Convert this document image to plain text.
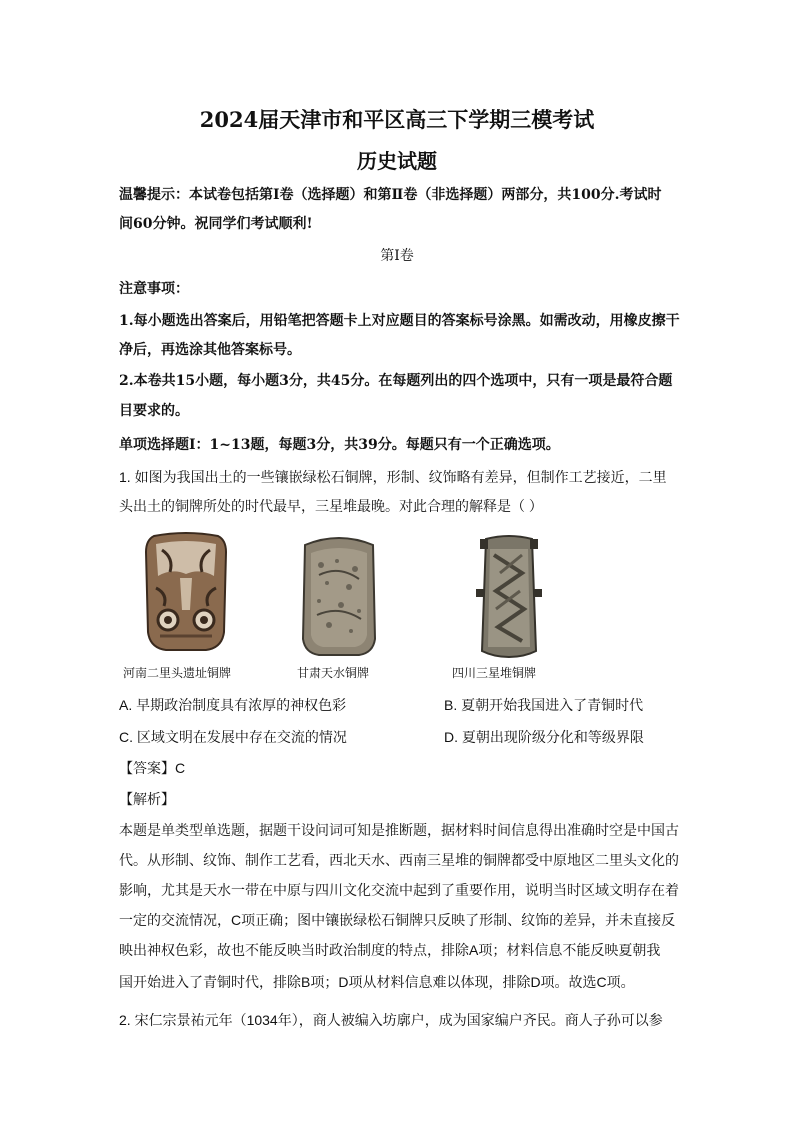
2024届天津市和平区高三下学期三模考试
历史试题
温馨提示：本试卷包括第Ⅰ卷（选择题）和第Ⅱ卷（非选择题）两部分，共100分.考试时
间60分钟。祝同学们考试顺利!
第Ⅰ卷
注意事项：
1.每小题选出答案后，用铅笔把答题卡上对应题目的答案标号涂黑。如需改动，用橡皮擦干
净后，再选涂其他答案标号。
2.本卷共15小题，每小题3分，共45分。在每题列出的四个选项中，只有一项是最符合题
目要求的。
单项选择题Ⅰ：1~13题，每题3分，共39分。每题只有一个正确选项。
1. 如图为我国出土的一些镶嵌绿松石铜牌，形制、纹饰略有差异，但制作工艺接近，二里
头出土的铜牌所处的时代最早，三星堆最晚。对此合理的解释是（ ）
河南二里头遗址铜牌	甘肃天水铜牌	四川三星堆铜牌
A. 早期政治制度具有浓厚的神权色彩	B. 夏朝开始我国进入了青铜时代
C. 区域文明在发展中存在交流的情况	D. 夏朝出现阶级分化和等级界限
【答案】C
【解析】
本题是单类型单选题，据题干设问词可知是推断题，据材料时间信息得出准确时空是中国古
代。从形制、纹饰、制作工艺看，西北天水、西南三星堆的铜牌都受中原地区二里头文化的
影响，尤其是天水一带在中原与四川文化交流中起到了重要作用，说明当时区域文明存在着
一定的交流情况，C项正确；图中镶嵌绿松石铜牌只反映了形制、纹饰的差异，并未直接反
映出神权色彩，故也不能反映当时政治制度的特点，排除A项；材料信息不能反映夏朝我
国开始进入了青铜时代，排除B项；D项从材料信息难以体现，排除D项。故选C项。
2. 宋仁宗景祐元年（1034年），商人被编入坊廓户，成为国家编户齐民。商人子孙可以参
